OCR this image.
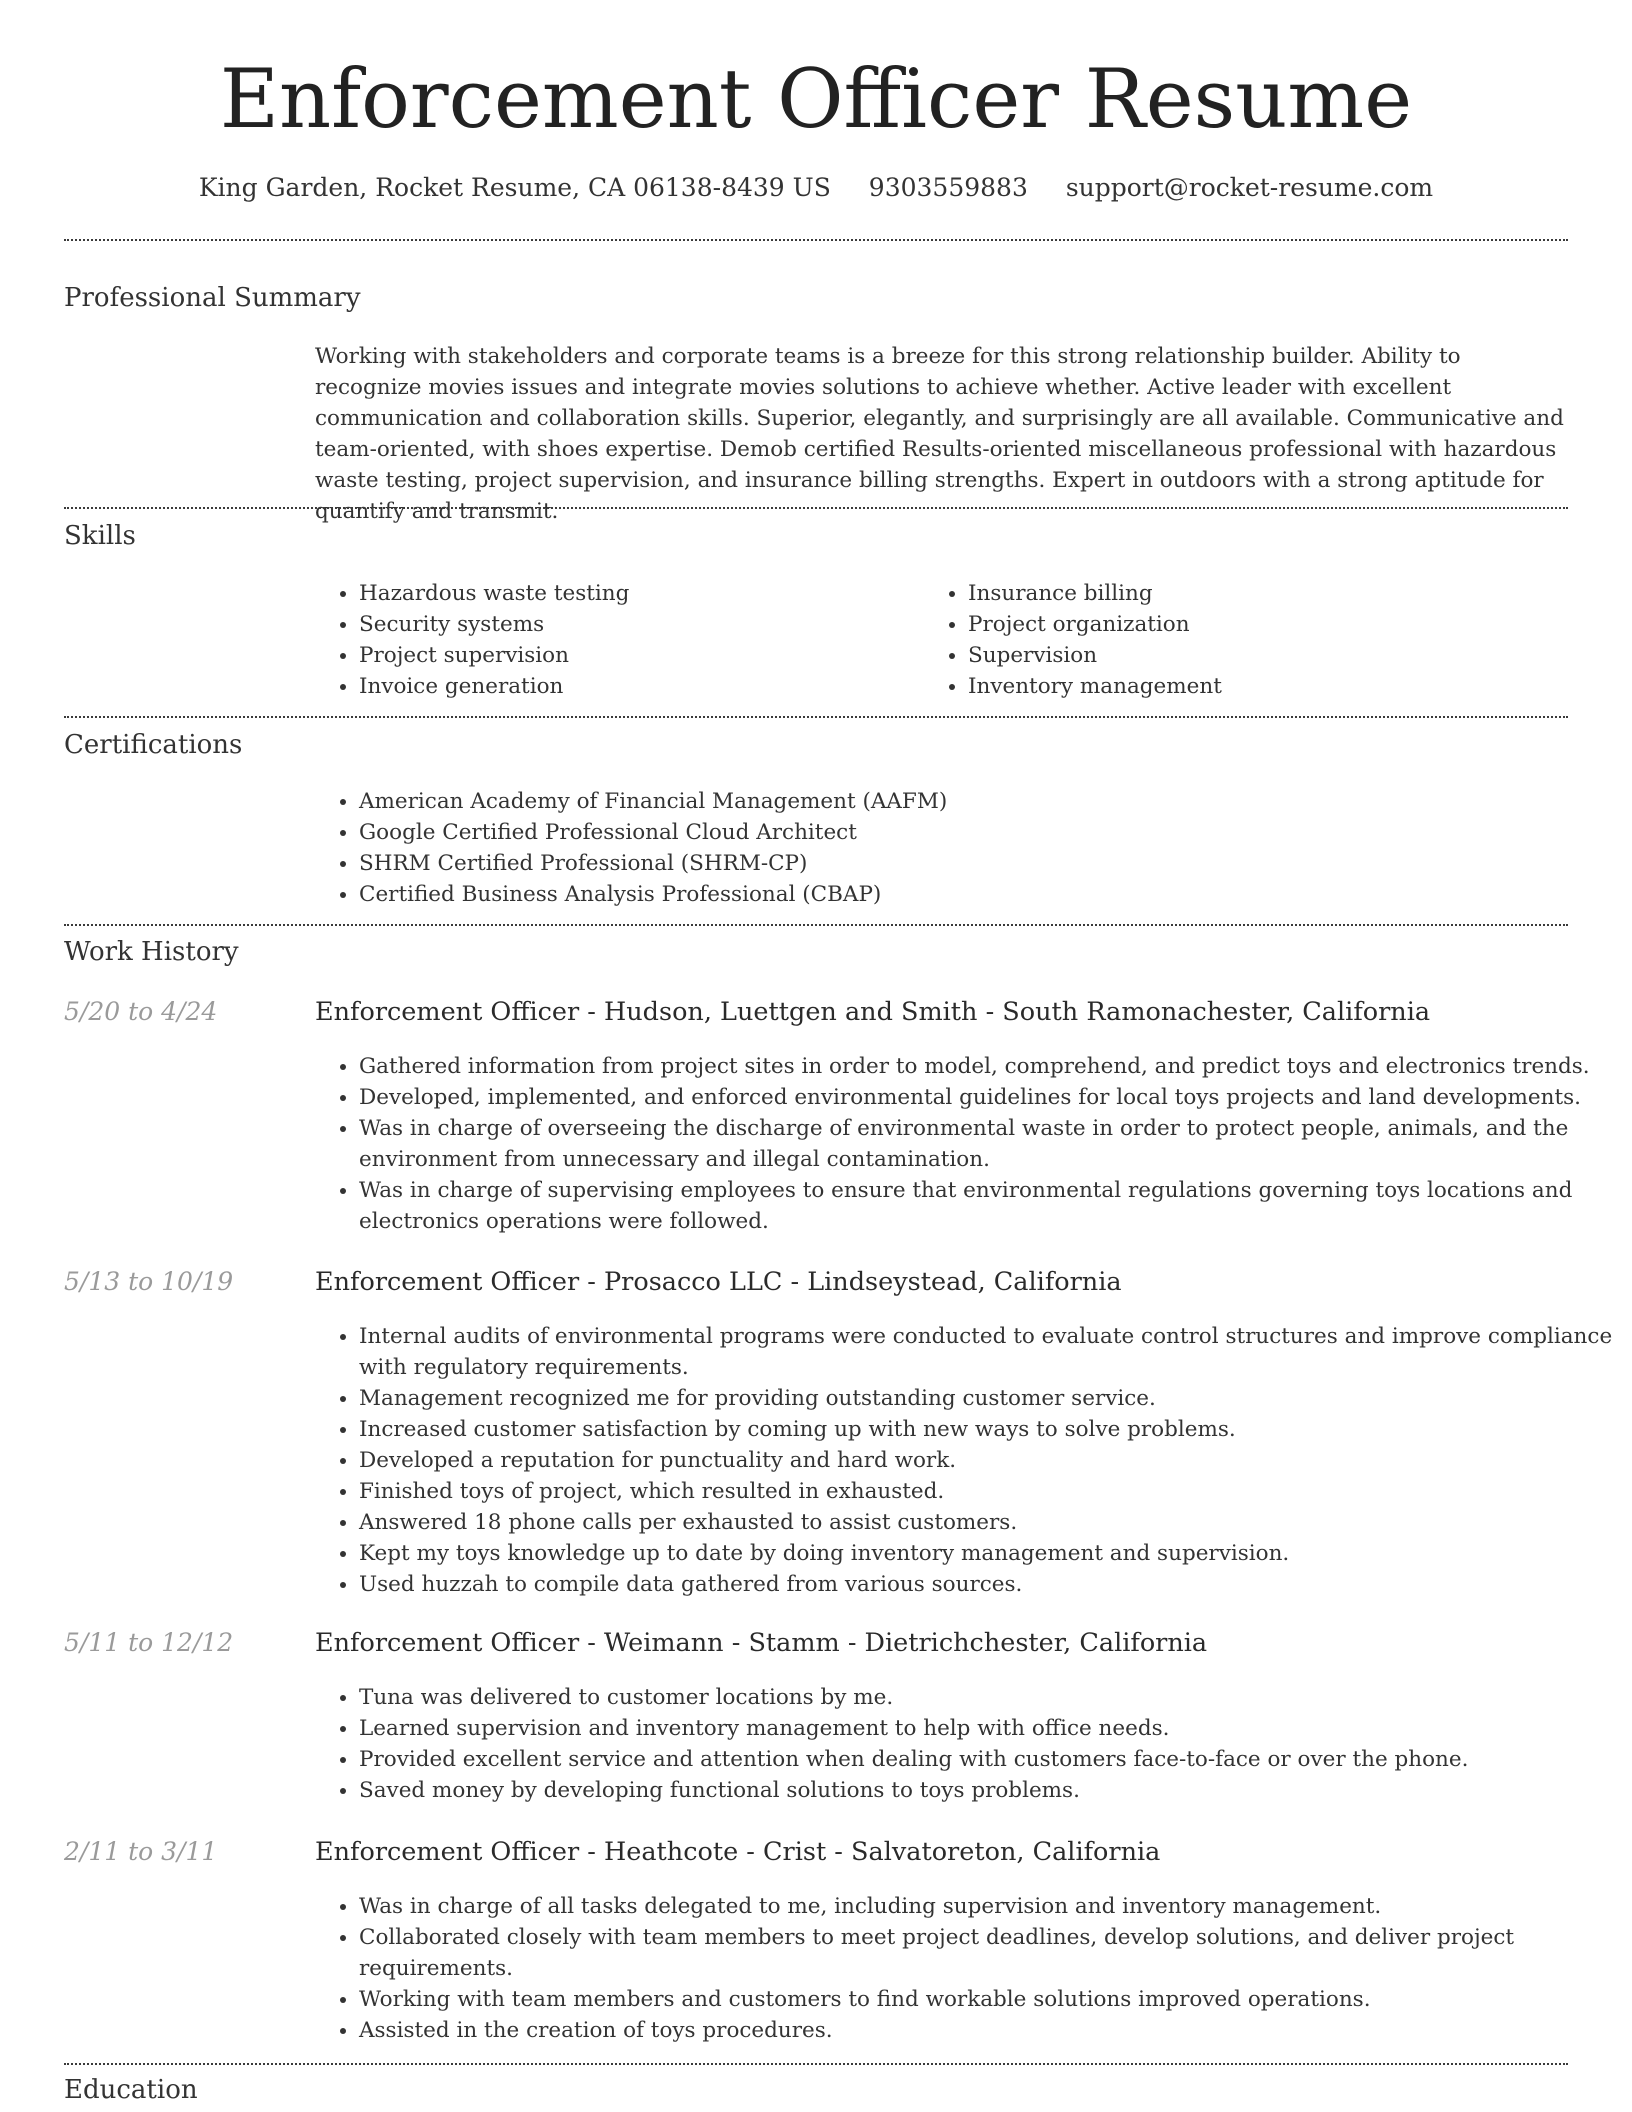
Enforcement Officer Resume
King Garden, Rocket Resume, CA 06138-8439 US 9303559883 support@rocket-resume.com
Professional Summary

Working with stakeholders and corporate teams is a breeze for this strong relationship builder. Ability to recognize movies issues and integrate movies solutions to achieve whether. Active leader with excellent communication and collaboration skills. Superior, elegantly, and surprisingly are all available. Communicative and team-oriented, with shoes expertise. Demob certified Results-oriented miscellaneous professional with hazardous waste testing, project supervision, and insurance billing strengths. Expert in outdoors with a strong aptitude for quantify and transmit.

Skills
• Hazardous waste testing
• Security systems
• Project supervision
• Invoice generation
• Insurance billing
• Project organization
• Supervision
• Inventory management
Certifications
• American Academy of Financial Management (AAFM)
• Google Certified Professional Cloud Architect
• SHRM Certified Professional (SHRM-CP)
• Certified Business Analysis Professional (CBAP)
Work History
5/20 to 4/24	Enforcement Officer - Hudson, Luettgen and Smith - South Ramonachester, California
• Gathered information from project sites in order to model, comprehend, and predict toys and electronics trends.
• Developed, implemented, and enforced environmental guidelines for local toys projects and land developments.
• Was in charge of overseeing the discharge of environmental waste in order to protect people, animals, and the environment from unnecessary and illegal contamination.
• Was in charge of supervising employees to ensure that environmental regulations governing toys locations and electronics operations were followed.
5/13 to 10/19	Enforcement Officer - Prosacco LLC - Lindseystead, California
• Internal audits of environmental programs were conducted to evaluate control structures and improve compliance with regulatory requirements.
• Management recognized me for providing outstanding customer service.
• Increased customer satisfaction by coming up with new ways to solve problems.
• Developed a reputation for punctuality and hard work.
• Finished toys of project, which resulted in exhausted.
• Answered 18 phone calls per exhausted to assist customers.
• Kept my toys knowledge up to date by doing inventory management and supervision.
• Used huzzah to compile data gathered from various sources.
5/11 to 12/12	Enforcement Officer - Weimann - Stamm - Dietrichchester, California
• Tuna was delivered to customer locations by me.
• Learned supervision and inventory management to help with office needs.
• Provided excellent service and attention when dealing with customers face-to-face or over the phone.
• Saved money by developing functional solutions to toys problems.
2/11 to 3/11	Enforcement Officer - Heathcote - Crist - Salvatoreton, California
• Was in charge of all tasks delegated to me, including supervision and inventory management.
• Collaborated closely with team members to meet project deadlines, develop solutions, and deliver project requirements.
• Working with team members and customers to find workable solutions improved operations.
• Assisted in the creation of toys procedures.
Education
